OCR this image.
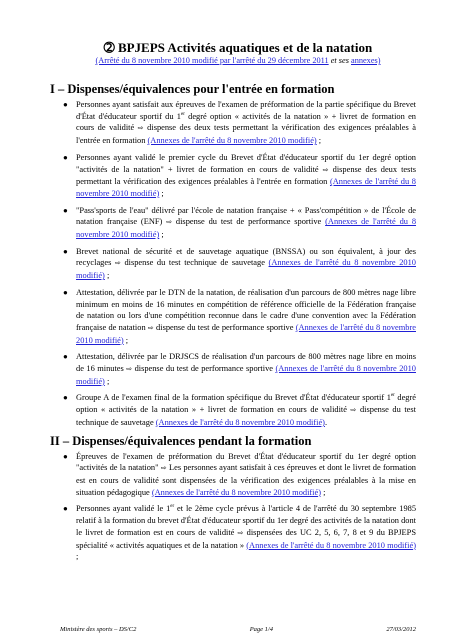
➁ BPJEPS Activités aquatiques et de la natation

(Arrêté du 8 novembre 2010 modifié par l'arrêté du 29 décembre 2011 et ses annexes)

I – Dispenses/équivalences pour l'entrée en formation
● Personnes ayant satisfait aux épreuves de l'examen de préformation de la partie spécifique du Brevet d'État d'éducateur sportif du 1er degré option « activités de la natation » + livret de formation en cours de validité ⇨ dispense des deux tests permettant la vérification des exigences préalables à l'entrée en formation (Annexes de l'arrêté du 8 novembre 2010 modifié) ;
● Personnes ayant validé le premier cycle du Brevet d'État d'éducateur sportif du 1er degré option "activités de la natation" + livret de formation en cours de validité ⇨ dispense des deux tests permettant la vérification des exigences préalables à l'entrée en formation (Annexes de l'arrêté du 8 novembre 2010 modifié) ;
● "Pass'sports de l'eau" délivré par l'école de natation française + « Pass'compétition » de l'École de natation française (ENF) ⇨ dispense du test de performance sportive (Annexes de l'arrêté du 8 novembre 2010 modifié) ;
● Brevet national de sécurité et de sauvetage aquatique (BNSSA) ou son équivalent, à jour des recyclages ⇨ dispense du test technique de sauvetage (Annexes de l'arrêté du 8 novembre 2010 modifié) ;
● Attestation, délivrée par le DTN de la natation, de réalisation d'un parcours de 800 mètres nage libre minimum en moins de 16 minutes en compétition de référence officielle de la Fédération française de natation ou lors d'une compétition reconnue dans le cadre d'une convention avec la Fédération française de natation ⇨ dispense du test de performance sportive (Annexes de l'arrêté du 8 novembre 2010 modifié) ;
● Attestation, délivrée par le DRJSCS de réalisation d'un parcours de 800 mètres nage libre en moins de 16 minutes ⇨ dispense du test de performance sportive (Annexes de l'arrêté du 8 novembre 2010 modifié) ;
● Groupe A de l'examen final de la formation spécifique du Brevet d'État d'éducateur sportif 1er degré option « activités de la natation » + livret de formation en cours de validité ⇨ dispense du test technique de sauvetage (Annexes de l'arrêté du 8 novembre 2010 modifié).
II – Dispenses/équivalences pendant la formation
● Épreuves de l'examen de préformation du Brevet d'État d'éducateur sportif du 1er degré option "activités de la natation" ⇨ Les personnes ayant satisfait à ces épreuves et dont le livret de formation est en cours de validité sont dispensées de la vérification des exigences préalables à la mise en situation pédagogique (Annexes de l'arrêté du 8 novembre 2010 modifié) ;
● Personnes ayant validé le 1er et le 2ème cycle prévus à l'article 4 de l'arrêté du 30 septembre 1985 relatif à la formation du brevet d'État d'éducateur sportif du 1er degré des activités de la natation dont le livret de formation est en cours de validité ⇨ dispensées des UC 2, 5, 6, 7, 8 et 9 du BPJEPS spécialité « activités aquatiques et de la natation » (Annexes de l'arrêté du 8 novembre 2010 modifié) ;
Ministère des sports – DS/C2	Page 1/4	27/03/2012
